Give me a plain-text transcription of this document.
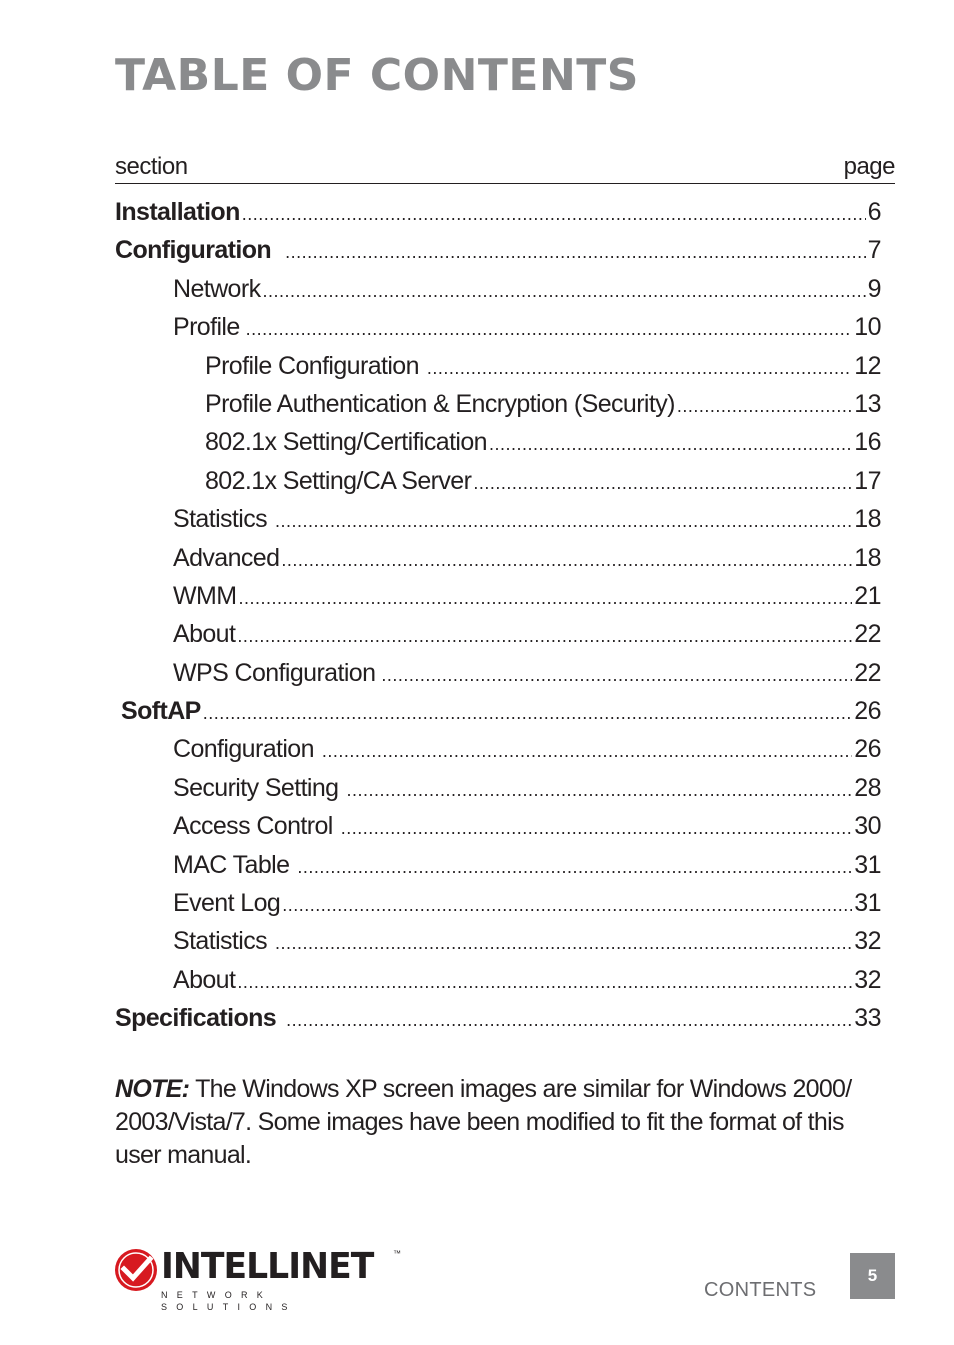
TABLE OF CONTENTS
section	page
Installation .....	6
Configuration .....	7
Network .....	9
Profile .....	10
Profile Configuration .....	12
Profile Authentication & Encryption (Security) .....	13
802.1x Setting/Certification .....	16
802.1x Setting/CA Server .....	17
Statistics .....	18
Advanced .....	18
WMM .....	21
About .....	22
WPS Configuration .....	22
SoftAP .....	26
Configuration .....	26
Security Setting .....	28
Access Control .....	30
MAC Table .....	31
Event Log .....	31
Statistics .....	32
About .....	32
Specifications .....	33

NOTE: The Windows XP screen images are similar for Windows 2000/ 2003/Vista/7. Some images have been modified to fit the format of this user manual.

INTELLINET ™
NETWORK SOLUTIONS
CONTENTS
5
